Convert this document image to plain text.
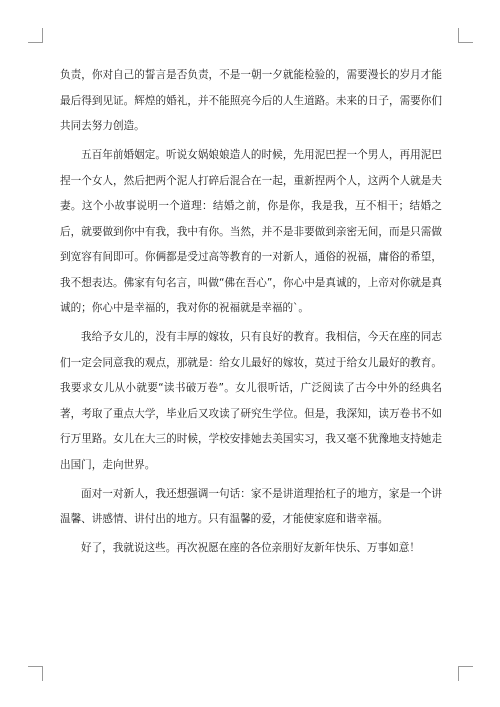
负责，你对自己的誓言是否负责，不是一朝一夕就能检验的，需要漫长的岁月才能最后得到见证。辉煌的婚礼，并不能照亮今后的人生道路。未来的日子，需要你们共同去努力创造。

五百年前婚姻定。听说女娲娘娘造人的时候，先用泥巴捏一个男人，再用泥巴捏一个女人，然后把两个泥人打碎后混合在一起，重新捏两个人，这两个人就是夫妻。这个小故事说明一个道理：结婚之前，你是你，我是我，互不相干；结婚之后，就要做到你中有我，我中有你。当然，并不是非要做到亲密无间，而是只需做到宽容有间即可。你俩都是受过高等教育的一对新人，通俗的祝福，庸俗的希望，我不想表达。佛家有句名言，叫做“佛在吾心”，你心中是真诚的，上帝对你就是真诚的；你心中是幸福的，我对你的祝福就是幸福的`。

我给予女儿的，没有丰厚的嫁妆，只有良好的教育。我相信，今天在座的同志们一定会同意我的观点，那就是：给女儿最好的嫁妆，莫过于给女儿最好的教育。我要求女儿从小就要“读书破万卷”。女儿很听话，广泛阅读了古今中外的经典名著，考取了重点大学，毕业后又攻读了研究生学位。但是，我深知，读万卷书不如行万里路。女儿在大三的时候，学校安排她去美国实习，我又毫不犹豫地支持她走出国门，走向世界。

面对一对新人，我还想强调一句话：家不是讲道理抬杠子的地方，家是一个讲温馨、讲感情、讲付出的地方。只有温馨的爱，才能使家庭和谐幸福。

好了，我就说这些。再次祝愿在座的各位亲朋好友新年快乐、万事如意！
